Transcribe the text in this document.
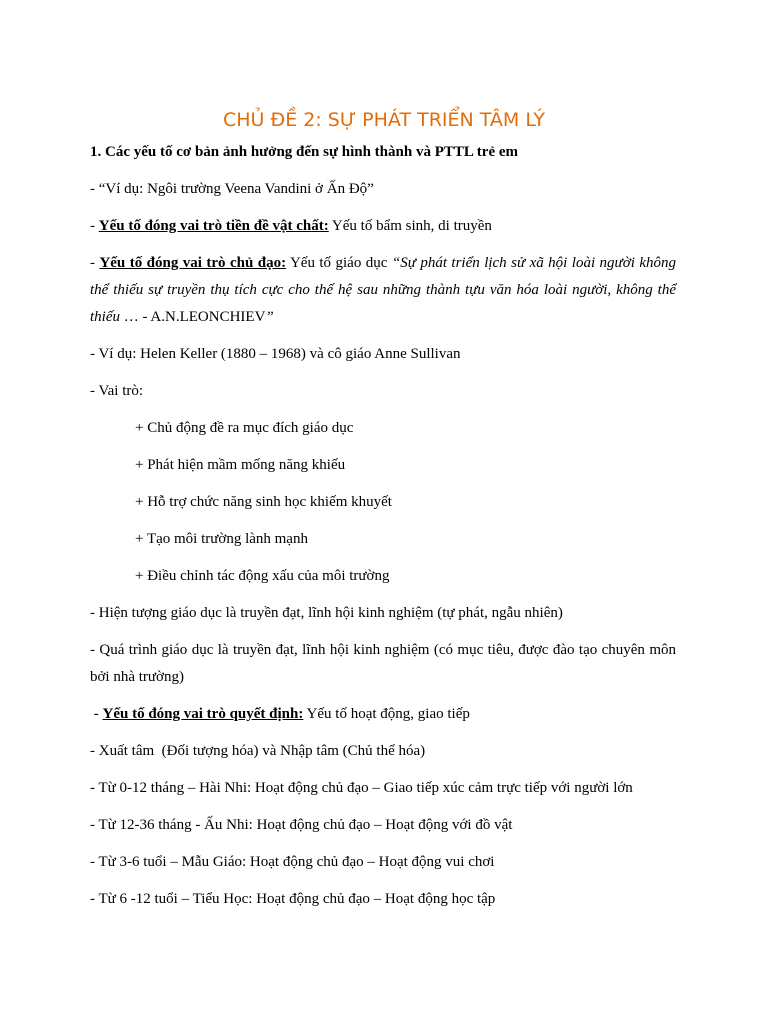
CHỦ ĐỀ 2: SỰ PHÁT TRIỂN TÂM LÝ

1. Các yếu tố cơ bản ảnh hưởng đến sự hình thành và PTTL trẻ em

- “Ví dụ: Ngôi trường Veena Vandini ở Ấn Độ”

- Yếu tố đóng vai trò tiền đề vật chất: Yếu tố bẩm sinh, di truyền

- Yếu tố đóng vai trò chủ đạo: Yếu tố giáo dục “Sự phát triển lịch sử xã hội loài người không thể thiếu sự truyền thụ tích cực cho thế hệ sau những thành tựu văn hóa loài người, không thể thiếu … - A.N.LEONCHIEV”

- Ví dụ: Helen Keller (1880 – 1968) và cô giáo Anne Sullivan

- Vai trò:

+ Chủ động đề ra mục đích giáo dục

+ Phát hiện mầm mống năng khiếu

+ Hỗ trợ chức năng sinh học khiếm khuyết

+ Tạo môi trường lành mạnh

+ Điều chỉnh tác động xấu của môi trường

- Hiện tượng giáo dục là truyền đạt, lĩnh hội kinh nghiệm (tự phát, ngẫu nhiên)

- Quá trình giáo dục là truyền đạt, lĩnh hội kinh nghiệm (có mục tiêu, được đào tạo chuyên môn bởi nhà trường)

- Yếu tố đóng vai trò quyết định: Yếu tố hoạt động, giao tiếp

- Xuất tâm  (Đối tượng hóa) và Nhập tâm (Chủ thể hóa)

- Từ 0-12 tháng – Hài Nhi: Hoạt động chủ đạo – Giao tiếp xúc cảm trực tiếp với người lớn

- Từ 12-36 tháng - Ấu Nhi: Hoạt động chủ đạo – Hoạt động với đồ vật

- Từ 3-6 tuổi – Mẫu Giáo: Hoạt động chủ đạo – Hoạt động vui chơi

- Từ 6 -12 tuổi – Tiểu Học: Hoạt động chủ đạo – Hoạt động học tập
